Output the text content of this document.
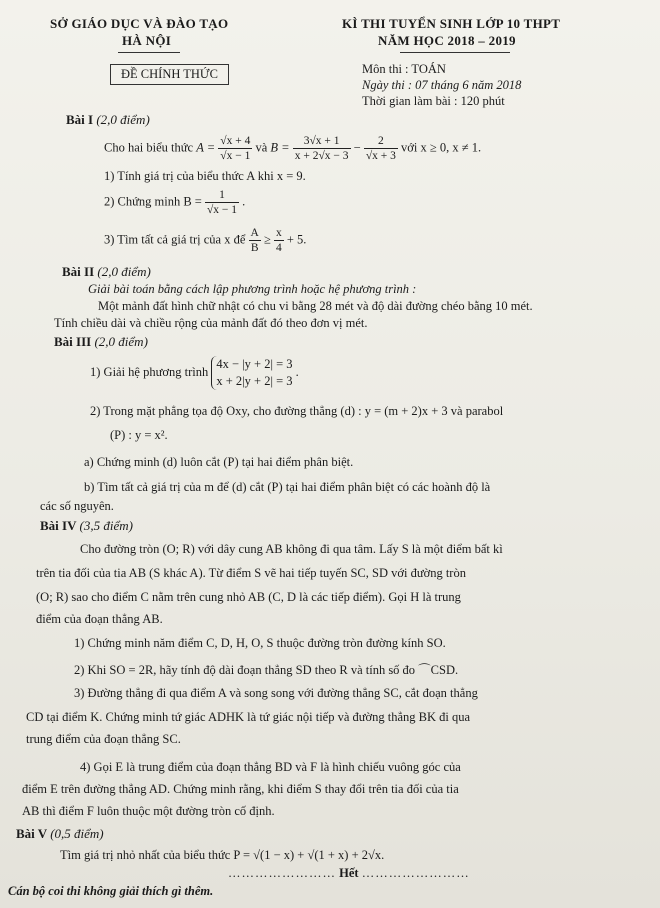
SỞ GIÁO DỤC VÀ ĐÀO TẠO
HÀ NỘI
KÌ THI TUYỂN SINH LỚP 10 THPT
NĂM HỌC 2018 – 2019
ĐỀ CHÍNH THỨC	Môn thi : TOÁN
Ngày thi : 07 tháng 6 năm 2018
Thời gian làm bài : 120 phút
Bài I (2,0 điểm)
Cho hai biểu thức $A = \frac{√x + 4}{√x - 1}$ và $B = \frac{3√x + 1}{x + 2√x - 3} - \frac{2}{√x + 3}$ với x ≥ 0, x ≠ 1.
1) Tính giá trị của biểu thức A khi x = 9.
2) Chứng minh $B = \frac{1}{√x - 1}$ .
3) Tìm tất cả giá trị của x để $\frac{A}{B} \ge \frac{x}{4} + 5$.
Bài II (2,0 điểm)
Giải bài toán bằng cách lập phương trình hoặc hệ phương trình :
Một mảnh đất hình chữ nhật có chu vi bằng 28 mét và độ dài đường chéo bằng 10 mét.
Tính chiều dài và chiều rộng của mảnh đất đó theo đơn vị mét.
Bài III (2,0 điểm)
1) Giải hệ phương trình
4x − |y + 2| = 3
x + 2|y + 2| = 3
.
2) Trong mặt phẳng tọa độ Oxy, cho đường thẳng (d) : y = (m + 2)x + 3 và parabol
(P) : y = x².
a) Chứng minh (d) luôn cắt (P) tại hai điểm phân biệt.
b) Tìm tất cả giá trị của m để (d) cắt (P) tại hai điểm phân biệt có các hoành độ là
các số nguyên.
Bài IV (3,5 điểm)
Cho đường tròn (O; R) với dây cung AB không đi qua tâm. Lấy S là một điểm bất kì
trên tia đối của tia AB (S khác A). Từ điểm S vẽ hai tiếp tuyến SC, SD với đường tròn
(O; R) sao cho điểm C nằm trên cung nhỏ AB (C, D là các tiếp điểm). Gọi H là trung
điểm của đoạn thẳng AB.
1) Chứng minh năm điểm C, D, H, O, S thuộc đường tròn đường kính SO.
2) Khi SO = 2R, hãy tính độ dài đoạn thẳng SD theo R và tính số đo ⌒CSD.
3) Đường thẳng đi qua điểm A và song song với đường thẳng SC, cắt đoạn thẳng
CD tại điểm K. Chứng minh tứ giác ADHK là tứ giác nội tiếp và đường thẳng BK đi qua
trung điểm của đoạn thẳng SC.
4) Gọi E là trung điểm của đoạn thẳng BD và F là hình chiếu vuông góc của
điểm E trên đường thẳng AD. Chứng minh rằng, khi điểm S thay đổi trên tia đối của tia
AB thì điểm F luôn thuộc một đường tròn cố định.
Bài V (0,5 điểm)
Tìm giá trị nhỏ nhất của biểu thức P = √(1 − x) + √(1 + x) + 2√x.
…………………… Hết ……………………
Cán bộ coi thi không giải thích gì thêm.
